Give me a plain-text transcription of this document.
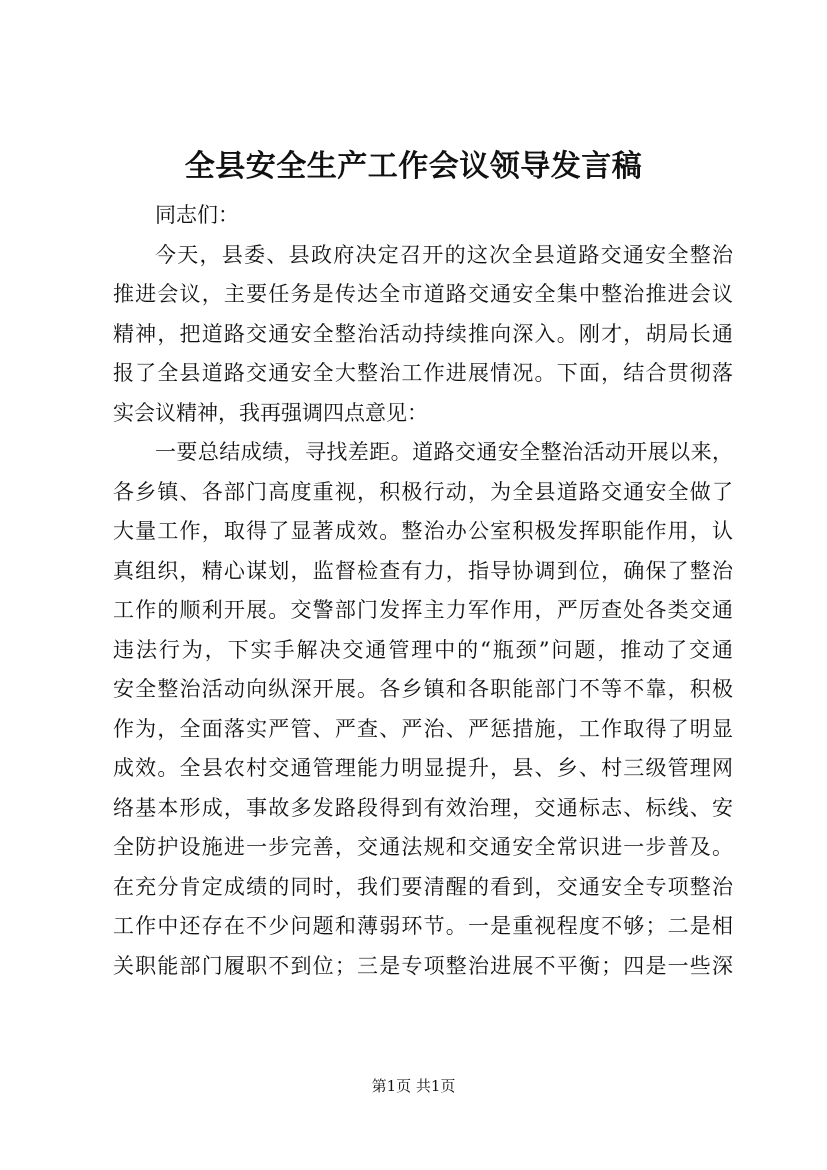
全县安全生产工作会议领导发言稿
同志们：
今天，县委、县政府决定召开的这次全县道路交通安全整治
推进会议，主要任务是传达全市道路交通安全集中整治推进会议
精神，把道路交通安全整治活动持续推向深入。刚才，胡局长通
报了全县道路交通安全大整治工作进展情况。下面，结合贯彻落
实会议精神，我再强调四点意见：
一要总结成绩，寻找差距。道路交通安全整治活动开展以来，
各乡镇、各部门高度重视，积极行动，为全县道路交通安全做了
大量工作，取得了显著成效。整治办公室积极发挥职能作用，认
真组织，精心谋划，监督检查有力，指导协调到位，确保了整治
工作的顺利开展。交警部门发挥主力军作用，严厉查处各类交通
违法行为，下实手解决交通管理中的“瓶颈”问题，推动了交通
安全整治活动向纵深开展。各乡镇和各职能部门不等不靠，积极
作为，全面落实严管、严查、严治、严惩措施，工作取得了明显
成效。全县农村交通管理能力明显提升，县、乡、村三级管理网
络基本形成，事故多发路段得到有效治理，交通标志、标线、安
全防护设施进一步完善，交通法规和交通安全常识进一步普及。
在充分肯定成绩的同时，我们要清醒的看到，交通安全专项整治
工作中还存在不少问题和薄弱环节。一是重视程度不够；二是相
关职能部门履职不到位；三是专项整治进展不平衡；四是一些深
第1页 共1页
